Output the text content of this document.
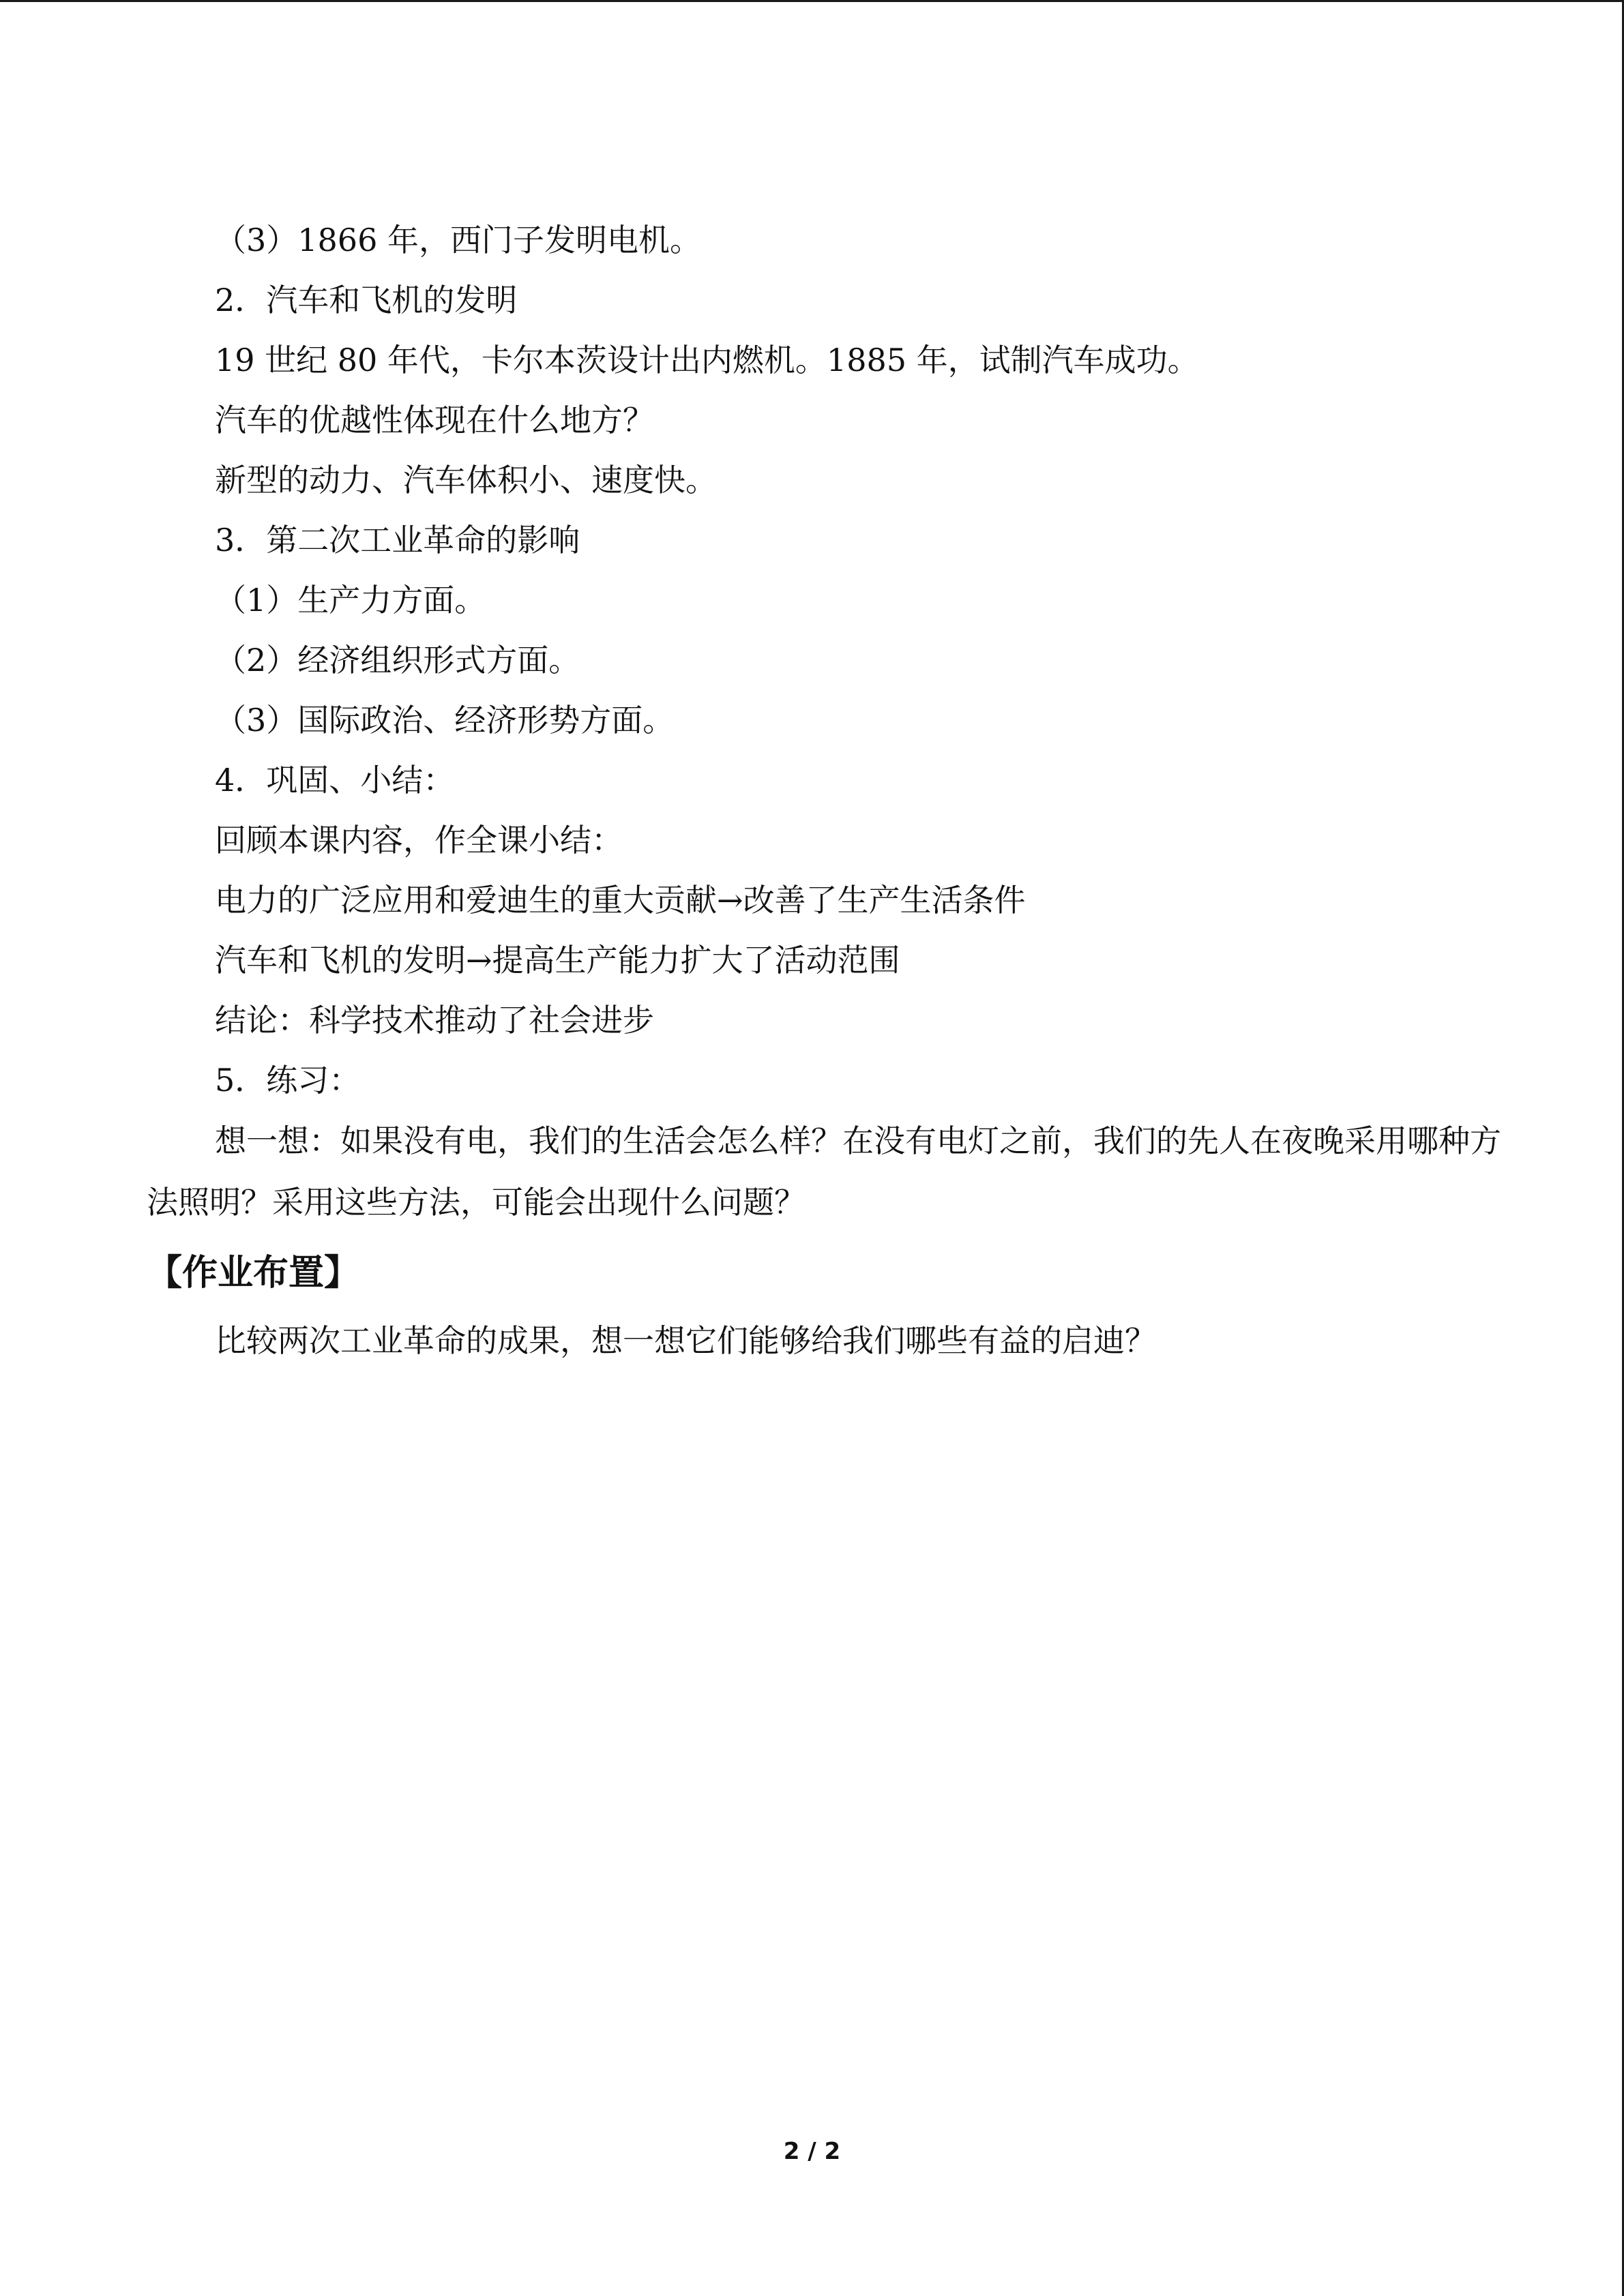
（3）1866 年，西门子发明电机。
2．汽车和飞机的发明
19 世纪 80 年代，卡尔本茨设计出内燃机。1885 年，试制汽车成功。
汽车的优越性体现在什么地方？
新型的动力、汽车体积小、速度快。
3．第二次工业革命的影响
（1）生产力方面。
（2）经济组织形式方面。
（3）国际政治、经济形势方面。
4．巩固、小结：
回顾本课内容，作全课小结：
电力的广泛应用和爱迪生的重大贡献→改善了生产生活条件
汽车和飞机的发明→提高生产能力扩大了活动范围
结论：科学技术推动了社会进步
5．练习：

想一想：如果没有电，我们的生活会怎么样？在没有电灯之前，我们的先人在夜晚采用哪种方法照明？采用这些方法，可能会出现什么问题？

【作业布置】
比较两次工业革命的成果，想一想它们能够给我们哪些有益的启迪？
2 / 2
